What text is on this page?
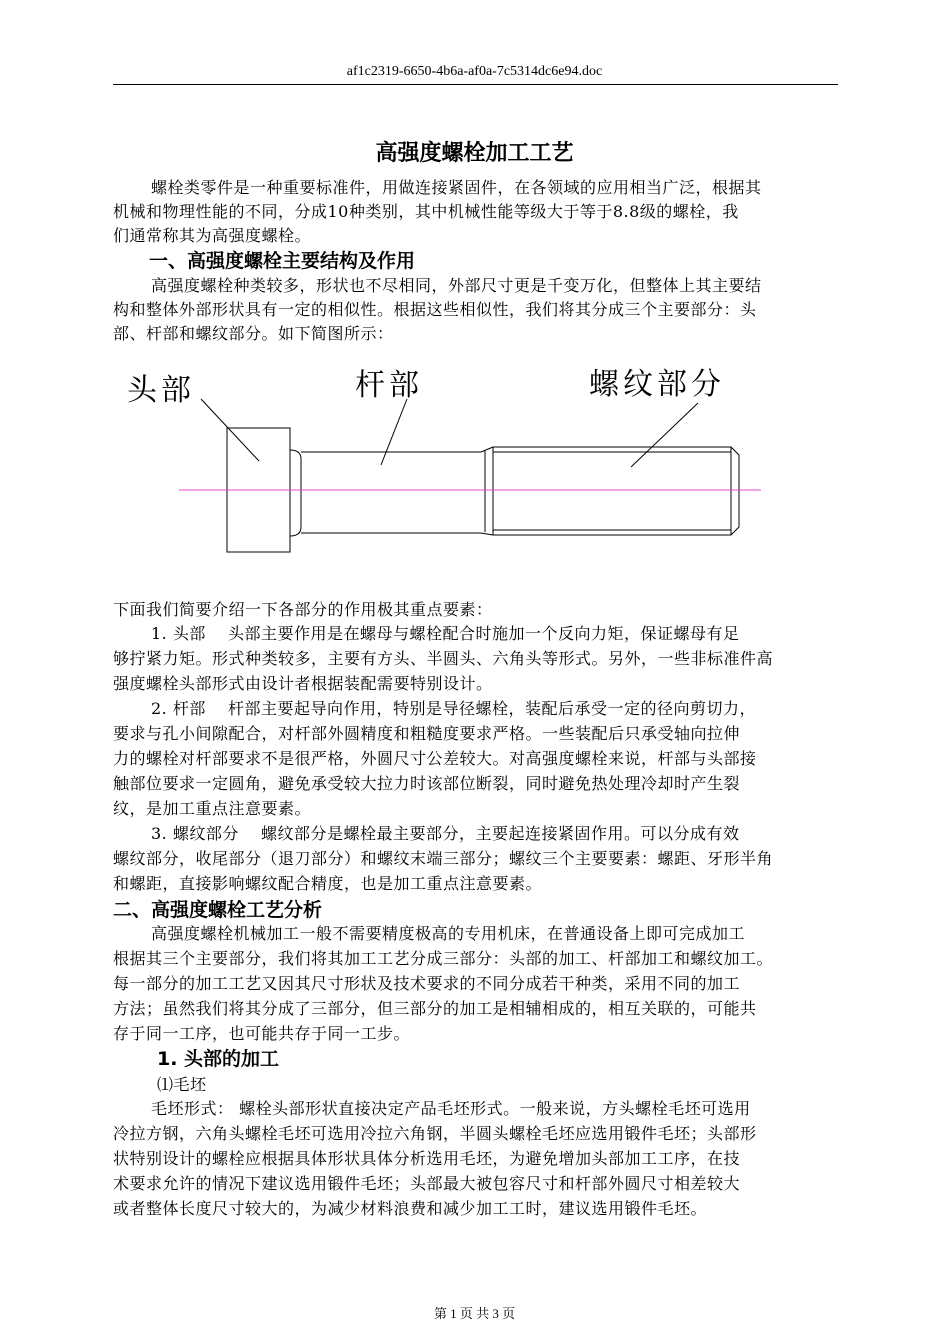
af1c2319-6650-4b6a-af0a-7c5314dc6e94.doc
高强度螺栓加工工艺
螺栓类零件是一种重要标准件，用做连接紧固件，在各领域的应用相当广泛，根据其
机械和物理性能的不同，分成10种类别，其中机械性能等级大于等于8.8级的螺栓，我
们通常称其为高强度螺栓。
一、高强度螺栓主要结构及作用
高强度螺栓种类较多，形状也不尽相同，外部尺寸更是千变万化，但整体上其主要结
构和整体外部形状具有一定的相似性。根据这些相似性，我们将其分成三个主要部分：头
部、杆部和螺纹部分。如下简图所示：
头部	杆部	螺纹部分
下面我们简要介绍一下各部分的作用极其重点要素：
1. 头部　 头部主要作用是在螺母与螺栓配合时施加一个反向力矩，保证螺母有足
够拧紧力矩。形式种类较多，主要有方头、半圆头、六角头等形式。另外，一些非标准件高
强度螺栓头部形式由设计者根据装配需要特别设计。
2. 杆部　 杆部主要起导向作用，特别是导径螺栓，装配后承受一定的径向剪切力，
要求与孔小间隙配合，对杆部外圆精度和粗糙度要求严格。一些装配后只承受轴向拉伸
力的螺栓对杆部要求不是很严格，外圆尺寸公差较大。对高强度螺栓来说，杆部与头部接
触部位要求一定圆角，避免承受较大拉力时该部位断裂，同时避免热处理冷却时产生裂
纹，是加工重点注意要素。
3. 螺纹部分　 螺纹部分是螺栓最主要部分，主要起连接紧固作用。可以分成有效
螺纹部分，收尾部分（退刀部分）和螺纹末端三部分；螺纹三个主要要素：螺距、牙形半角
和螺距，直接影响螺纹配合精度，也是加工重点注意要素。
二、高强度螺栓工艺分析
高强度螺栓机械加工一般不需要精度极高的专用机床，在普通设备上即可完成加工
根据其三个主要部分，我们将其加工工艺分成三部分：头部的加工、杆部加工和螺纹加工。
每一部分的加工工艺又因其尺寸形状及技术要求的不同分成若干种类，采用不同的加工
方法；虽然我们将其分成了三部分，但三部分的加工是相辅相成的，相互关联的，可能共
存于同一工序，也可能共存于同一工步。
1. 头部的加工
⑴毛坯
毛坯形式： 螺栓头部形状直接决定产品毛坯形式。一般来说，方头螺栓毛坯可选用
冷拉方钢，六角头螺栓毛坯可选用冷拉六角钢，半圆头螺栓毛坯应选用锻件毛坯；头部形
状特别设计的螺栓应根据具体形状具体分析选用毛坯，为避免增加头部加工工序，在技
术要求允许的情况下建议选用锻件毛坯；头部最大被包容尺寸和杆部外圆尺寸相差较大
或者整体长度尺寸较大的，为减少材料浪费和减少加工工时，建议选用锻件毛坯。
第 1 页 共 3 页
